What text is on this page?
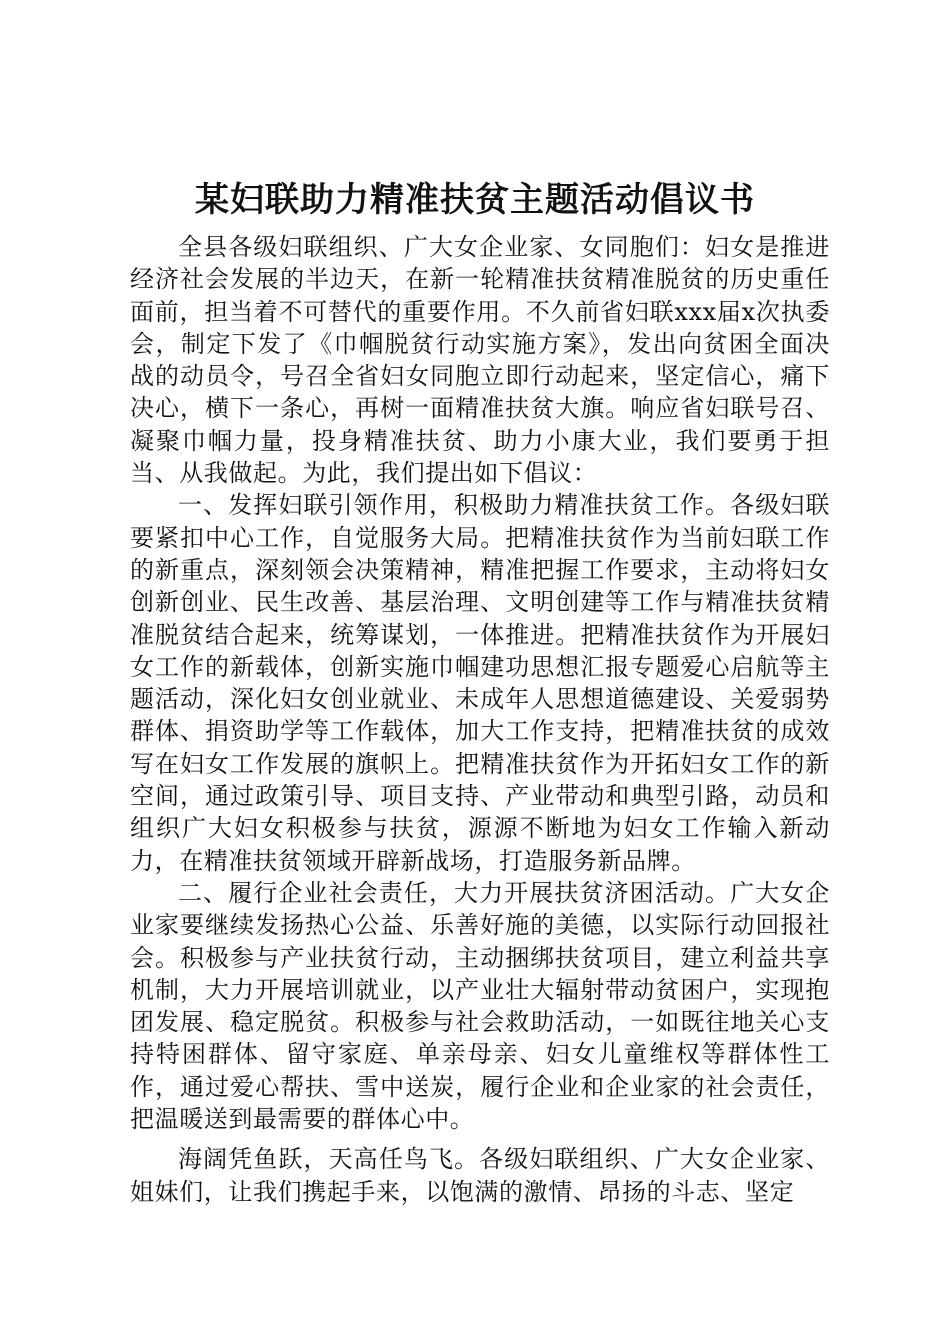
某妇联助力精准扶贫主题活动倡议书

全县各级妇联组织、广大女企业家、女同胞们：妇女是推进经济社会发展的半边天，在新一轮精准扶贫精准脱贫的历史重任面前，担当着不可替代的重要作用。不久前省妇联xxx届x次执委会，制定下发了《巾帼脱贫行动实施方案》，发出向贫困全面决战的动员令，号召全省妇女同胞立即行动起来，坚定信心，痛下决心，横下一条心，再树一面精准扶贫大旗。响应省妇联号召、凝聚巾帼力量，投身精准扶贫、助力小康大业，我们要勇于担当、从我做起。为此，我们提出如下倡议：

一、发挥妇联引领作用，积极助力精准扶贫工作。各级妇联要紧扣中心工作，自觉服务大局。把精准扶贫作为当前妇联工作的新重点，深刻领会决策精神，精准把握工作要求，主动将妇女创新创业、民生改善、基层治理、文明创建等工作与精准扶贫精准脱贫结合起来，统筹谋划，一体推进。把精准扶贫作为开展妇女工作的新载体，创新实施巾帼建功思想汇报专题爱心启航等主题活动，深化妇女创业就业、未成年人思想道德建设、关爱弱势群体、捐资助学等工作载体，加大工作支持，把精准扶贫的成效写在妇女工作发展的旗帜上。把精准扶贫作为开拓妇女工作的新空间，通过政策引导、项目支持、产业带动和典型引路，动员和组织广大妇女积极参与扶贫，源源不断地为妇女工作输入新动力，在精准扶贫领域开辟新战场，打造服务新品牌。

二、履行企业社会责任，大力开展扶贫济困活动。广大女企业家要继续发扬热心公益、乐善好施的美德，以实际行动回报社会。积极参与产业扶贫行动，主动捆绑扶贫项目，建立利益共享机制，大力开展培训就业，以产业壮大辐射带动贫困户，实现抱团发展、稳定脱贫。积极参与社会救助活动，一如既往地关心支持特困群体、留守家庭、单亲母亲、妇女儿童维权等群体性工作，通过爱心帮扶、雪中送炭，履行企业和企业家的社会责任，把温暖送到最需要的群体心中。

海阔凭鱼跃，天高任鸟飞。各级妇联组织、广大女企业家、姐妹们，让我们携起手来，以饱满的激情、昂扬的斗志、坚定
